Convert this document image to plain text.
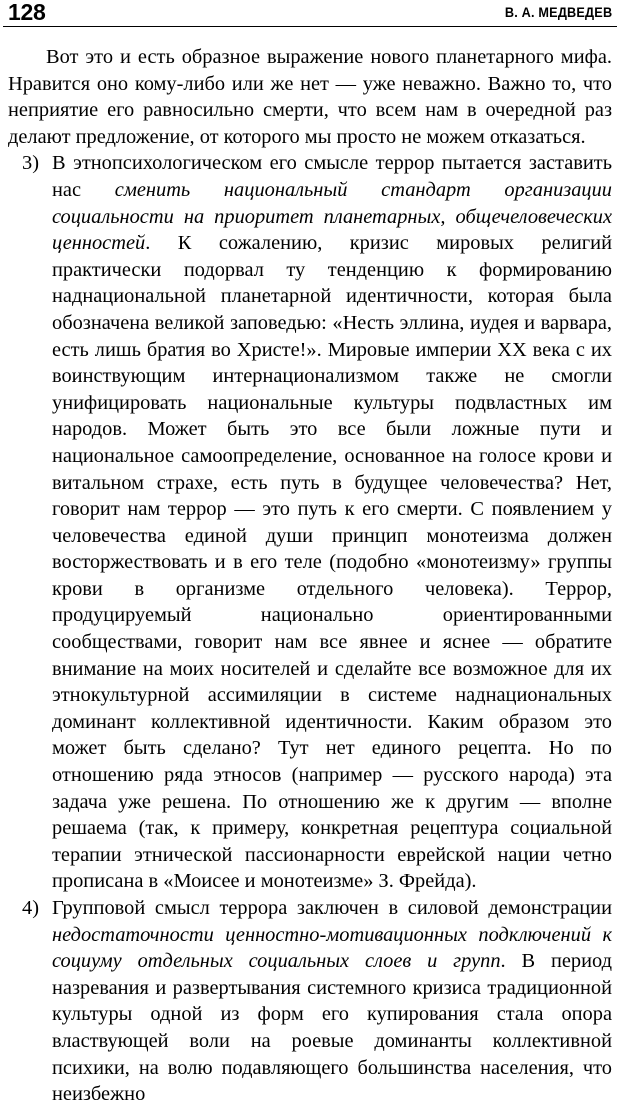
128	В. А. МЕДВЕДЕВ

Вот это и есть образное выражение нового планетарного мифа. Нравится оно кому-либо или же нет — уже неважно. Важно то, что неприятие его равносильно смерти, что всем нам в очередной раз делают предложение, от которого мы просто не можем отказаться.

3) В этнопсихологическом его смысле террор пытается заставить нас сменить национальный стандарт организации социальности на приоритет планетарных, общечеловеческих ценностей. К сожалению, кризис мировых религий практически подорвал ту тенденцию к формированию наднациональной планетарной идентичности, которая была обозначена великой заповедью: «Несть эллина, иудея и варвара, есть лишь братия во Христе!». Мировые империи XX века с их воинствующим интернационализмом также не смогли унифицировать национальные культуры подвластных им народов. Может быть это все были ложные пути и национальное самоопределение, основанное на голосе крови и витальном страхе, есть путь в будущее человечества? Нет, говорит нам террор — это путь к его смерти. С появлением у человечества единой души принцип монотеизма должен восторжествовать и в его теле (подобно «монотеизму» группы крови в организме отдельного человека). Террор, продуцируемый национально ориентированными сообществами, говорит нам все явнее и яснее — обратите внимание на моих носителей и сделайте все возможное для их этнокультурной ассимиляции в системе наднациональных доминант коллективной идентичности. Каким образом это может быть сделано? Тут нет единого рецепта. Но по отношению ряда этносов (например — русского народа) эта задача уже решена. По отношению же к другим — вполне решаема (так, к примеру, конкретная рецептура социальной терапии этнической пассионарности еврейской нации четно прописана в «Моисее и монотеизме» З. Фрейда).
4) Групповой смысл террора заключен в силовой демонстрации недостаточности ценностно-мотивационных подключений к социуму отдельных социальных слоев и групп. В период назревания и развертывания системного кризиса традиционной культуры одной из форм его купирования стала опора властвующей воли на роевые доминанты коллективной психики, на волю подавляющего большинства населения, что неизбежно
